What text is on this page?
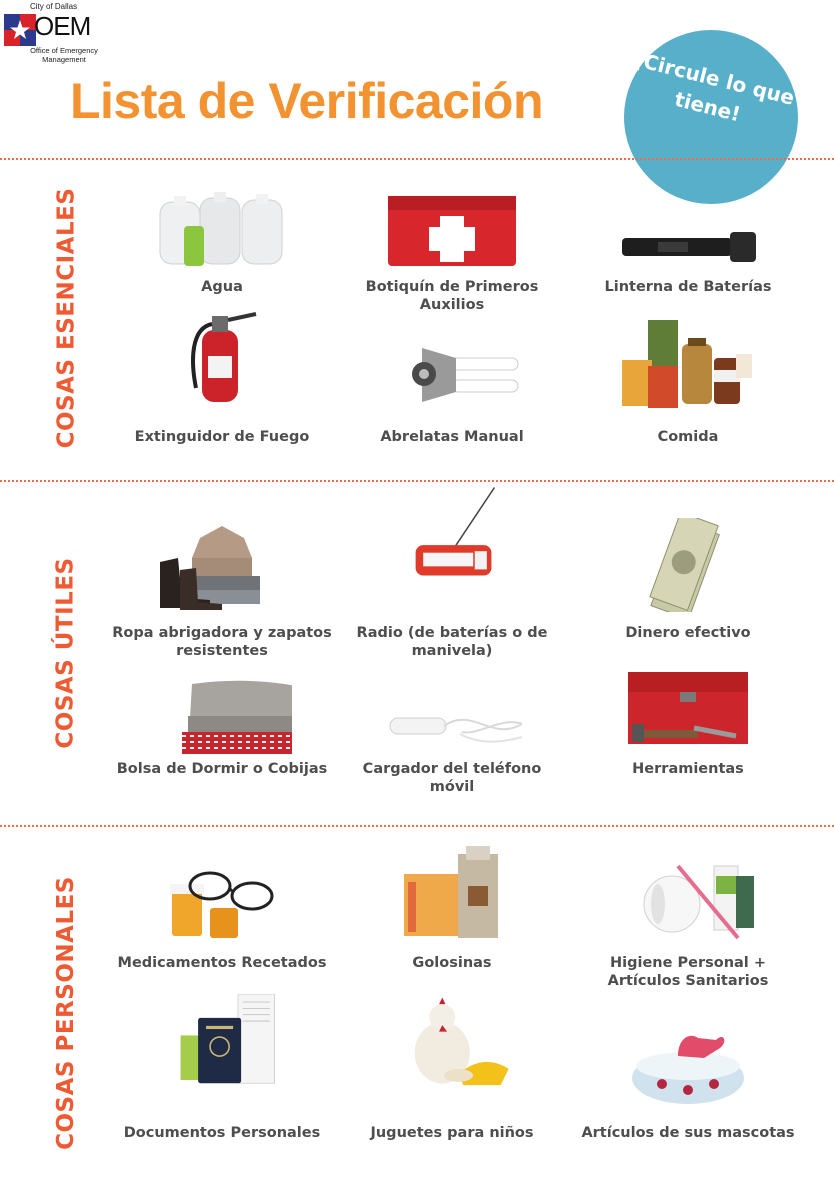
City of Dallas
OEM
Office of Emergency Management
Lista de Verificación	¡Circule lo que tiene!
COSAS ESENCIALES
COSAS ÚTILES
COSAS PERSONALES
Agua	Botiquín de Primeros Auxilios
Linterna de Baterías
Extinguidor de Fuego	Abrelatas Manual	Comida
Ropa abrigadora y zapatos resistentes
Radio (de baterías o de manivela)
Dinero efectivo
Bolsa de Dormir o Cobijas	Cargador del teléfono móvil
Herramientas
Medicamentos Recetados	Golosinas	Higiene Personal + Artículos Sanitarios
Documentos Personales	Juguetes para niños	Artículos de sus mascotas
